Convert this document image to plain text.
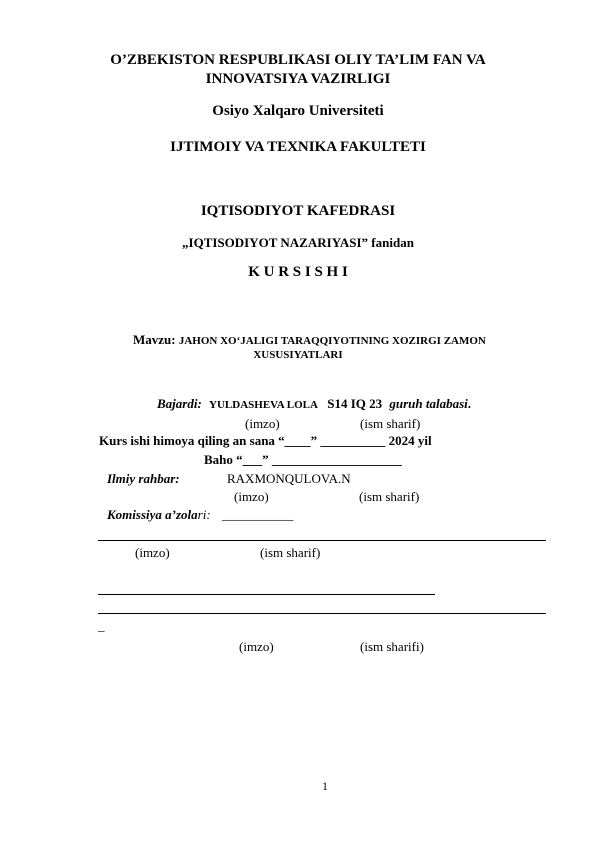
O’ZBEKISTON RESPUBLIKASI OLIY TA’LIM FAN VA
INNOVATSIYA VAZIRLIGI
Osiyo Xalqaro Universiteti
IJTIMOIY VA TEXNIKA FAKULTETI
IQTISODIYOT KAFEDRASI
„IQTISODIYOT NAZARIYASI” fanidan
K U R S I S H I
Mavzu: JAHON XO‘JALIGI TARAQQIYOTINING XOZIRGI ZAMON
XUSUSIYATLARI
Bajardi: YULDASHEVA LOLA S14 IQ 23 guruh talabasi.
(imzo)	(ism sharif)
Kurs ishi himoya qiling an sana “____” __________ 2024 yil
Baho “___” ____________________
Ilmiy rahbar:	RAXMONQULOVA.N
(imzo)	(ism sharif)
Komissiya a’zolari: ___________
(imzo)	(ism sharif)
_
(imzo)	(ism sharifi)
1
